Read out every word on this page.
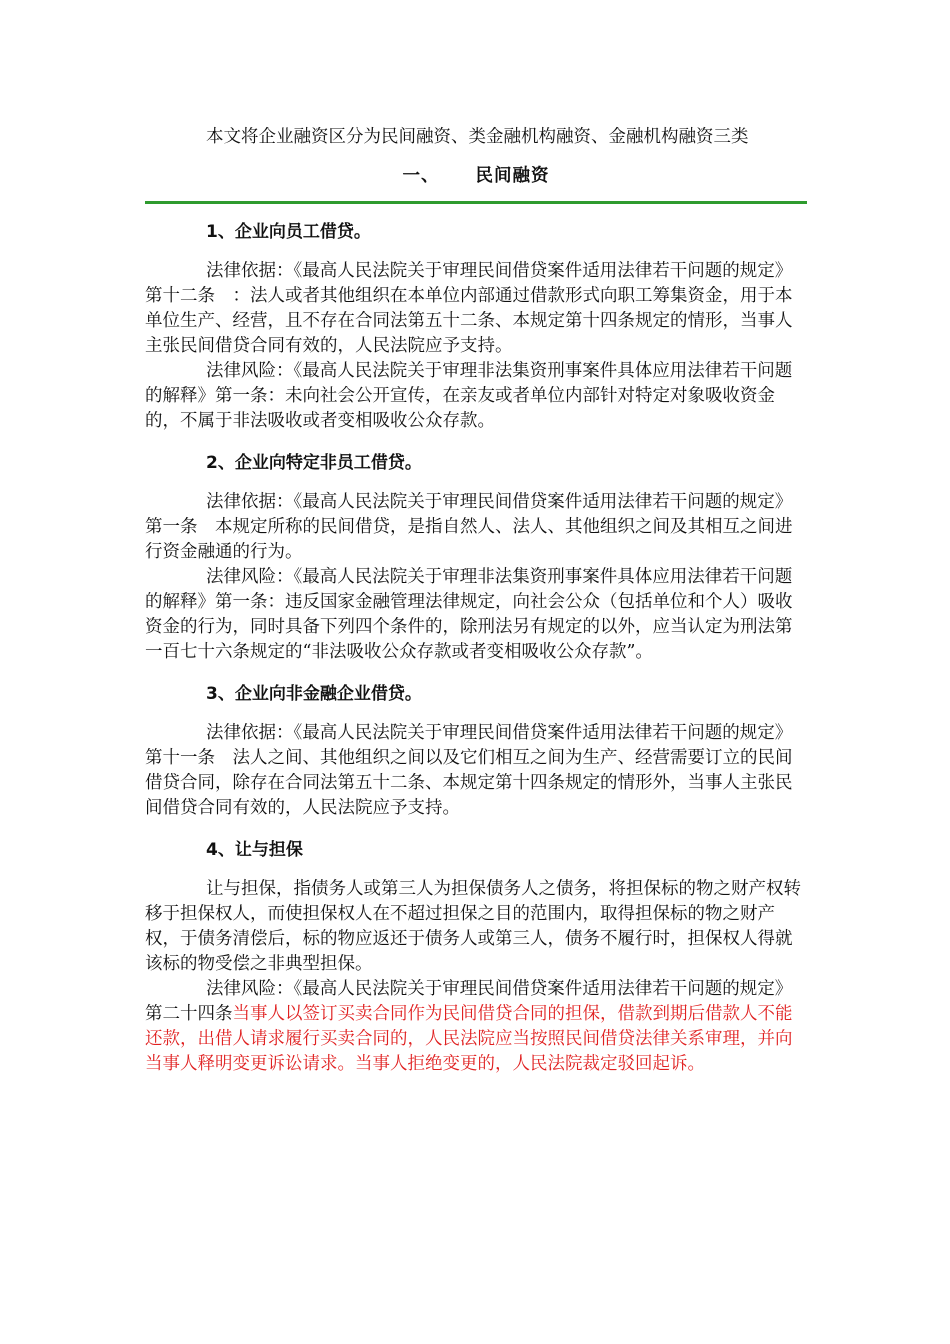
本文将企业融资区分为民间融资、类金融机构融资、金融机构融资三类

一、 民间融资
1、企业向员工借贷。

法律依据：《最高人民法院关于审理民间借贷案件适用法律若干问题的规定》第十二条　：法人或者其他组织在本单位内部通过借款形式向职工筹集资金，用于本单位生产、经营，且不存在合同法第五十二条、本规定第十四条规定的情形，当事人主张民间借贷合同有效的，人民法院应予支持。

法律风险：《最高人民法院关于审理非法集资刑事案件具体应用法律若干问题的解释》第一条：未向社会公开宣传，在亲友或者单位内部针对特定对象吸收资金的，不属于非法吸收或者变相吸收公众存款。

2、企业向特定非员工借贷。

法律依据：《最高人民法院关于审理民间借贷案件适用法律若干问题的规定》第一条　本规定所称的民间借贷，是指自然人、法人、其他组织之间及其相互之间进行资金融通的行为。

法律风险：《最高人民法院关于审理非法集资刑事案件具体应用法律若干问题的解释》第一条：违反国家金融管理法律规定，向社会公众（包括单位和个人）吸收资金的行为，同时具备下列四个条件的，除刑法另有规定的以外，应当认定为刑法第一百七十六条规定的“非法吸收公众存款或者变相吸收公众存款”。

3、企业向非金融企业借贷。

法律依据：《最高人民法院关于审理民间借贷案件适用法律若干问题的规定》第十一条　法人之间、其他组织之间以及它们相互之间为生产、经营需要订立的民间借贷合同，除存在合同法第五十二条、本规定第十四条规定的情形外，当事人主张民间借贷合同有效的，人民法院应予支持。

4、让与担保

让与担保，指债务人或第三人为担保债务人之债务，将担保标的物之财产权转移于担保权人，而使担保权人在不超过担保之目的范围内，取得担保标的物之财产权，于债务清偿后，标的物应返还于债务人或第三人，债务不履行时，担保权人得就该标的物受偿之非典型担保。

法律风险：《最高人民法院关于审理民间借贷案件适用法律若干问题的规定》第二十四条当事人以签订买卖合同作为民间借贷合同的担保，借款到期后借款人不能还款，出借人请求履行买卖合同的，人民法院应当按照民间借贷法律关系审理，并向当事人释明变更诉讼请求。当事人拒绝变更的，人民法院裁定驳回起诉。
